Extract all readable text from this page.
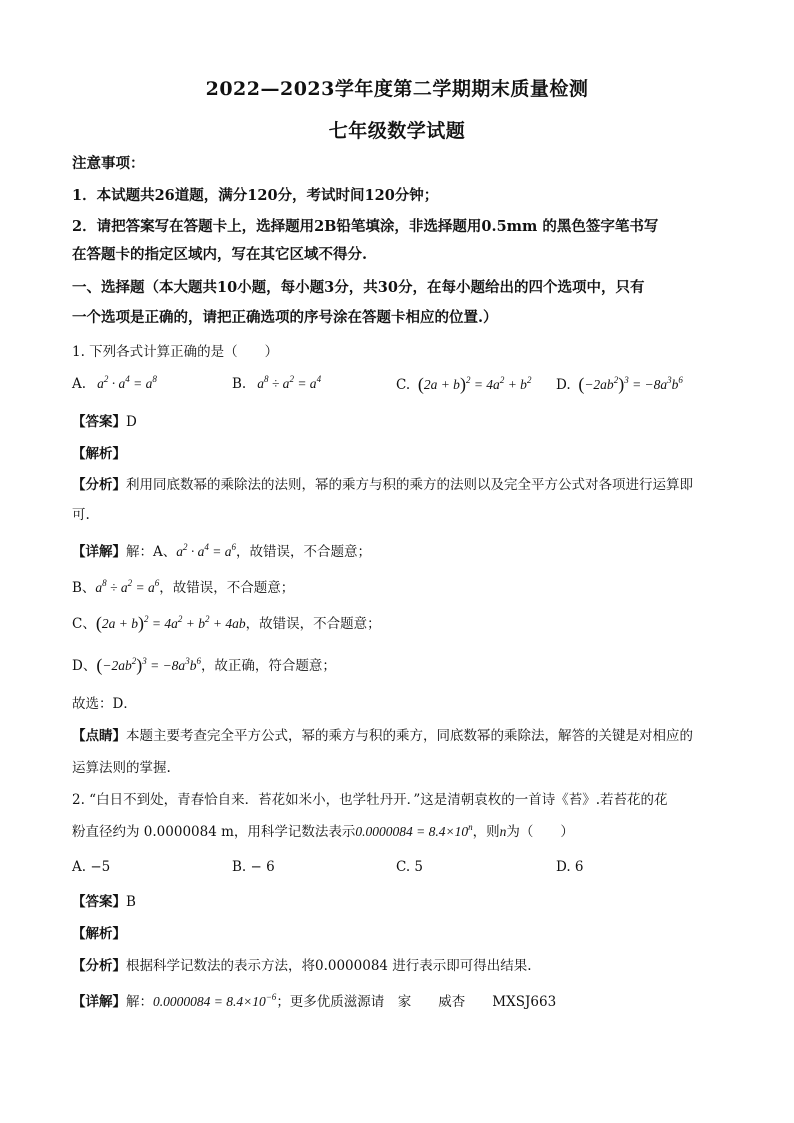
2022—2023学年度第二学期期末质量检测
七年级数学试题
注意事项：
1．本试题共26道题，满分120分，考试时间120分钟；
2．请把答案写在答题卡上，选择题用2B铅笔填涂，非选择题用0.5mm 的黑色签字笔书写
在答题卡的指定区域内，写在其它区域不得分.
一、选择题（本大题共10小题，每小题3分，共30分，在每小题给出的四个选项中，只有
一个选项是正确的，请把正确选项的序号涂在答题卡相应的位置.）
1. 下列各式计算正确的是（　　）
A.   $a^2 \cdot a^4 = a^8$	B.   $a^8 \div a^2 = a^4$	C. $(2a + b)^2 = 4a^2 + b^2$ D. $(-2ab^2)^3 = -8a^3b^6$
【答案】D
【解析】
【分析】利用同底数幂的乘除法的法则，幂的乘方与积的乘方的法则以及完全平方公式对各项进行运算即
可.
【详解】解：A、$a^2 \cdot a^4 = a^6$，故错误，不合题意；
B、$a^8 \div a^2 = a^6$，故错误，不合题意；
C、$(2a + b)^2 = 4a^2 + b^2 + 4ab$，故错误，不合题意；
D、$(-2ab^2)^3 = -8a^3b^6$，故正确，符合题意；
故选：D．
【点睛】本题主要考查完全平方公式，幂的乘方与积的乘方，同底数幂的乘除法，解答的关键是对相应的
运算法则的掌握.
2. “白日不到处，青春恰自来．苔花如米小，也学牡丹开．”这是清朝袁枚的一首诗《苔》.若苔花的花
粉直径约为 0.0000084 m，用科学记数法表示$0.0000084 = 8.4\times 10^n$，则n为（　　）
A. −5	B. − 6	C. 5	D. 6
【答案】B
【解析】
【分析】根据科学记数法的表示方法，将0.0000084 进行表示即可得出结果.
【详解】解：$0.0000084 = 8.4\times 10^{-6}$；更多优质滋源请　家　　威杏　　MXSJ663
